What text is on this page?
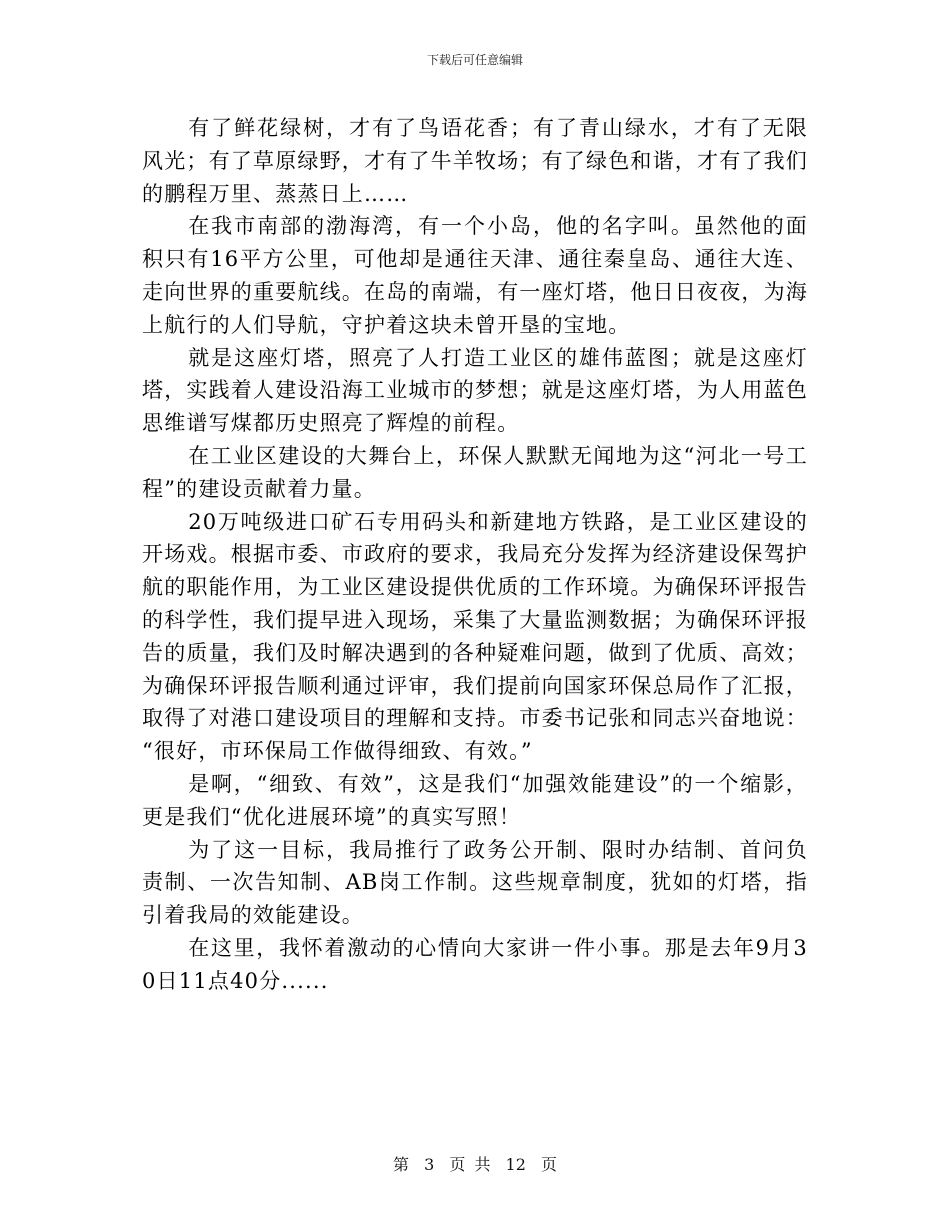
下载后可任意编辑

有了鲜花绿树，才有了鸟语花香；有了青山绿水，才有了无限风光；有了草原绿野，才有了牛羊牧场；有了绿色和谐，才有了我们的鹏程万里、蒸蒸日上……

在我市南部的渤海湾，有一个小岛，他的名字叫。虽然他的面积只有16平方公里，可他却是通往天津、通往秦皇岛、通往大连、走向世界的重要航线。在岛的南端，有一座灯塔，他日日夜夜，为海上航行的人们导航，守护着这块未曾开垦的宝地。

就是这座灯塔，照亮了人打造工业区的雄伟蓝图；就是这座灯塔，实践着人建设沿海工业城市的梦想；就是这座灯塔，为人用蓝色思维谱写煤都历史照亮了辉煌的前程。

在工业区建设的大舞台上，环保人默默无闻地为这“河北一号工程”的建设贡献着力量。

20万吨级进口矿石专用码头和新建地方铁路，是工业区建设的开场戏。根据市委、市政府的要求，我局充分发挥为经济建设保驾护航的职能作用，为工业区建设提供优质的工作环境。为确保环评报告的科学性，我们提早进入现场，采集了大量监测数据；为确保环评报告的质量，我们及时解决遇到的各种疑难问题，做到了优质、高效；为确保环评报告顺利通过评审，我们提前向国家环保总局作了汇报，取得了对港口建设项目的理解和支持。市委书记张和同志兴奋地说：

“很好，市环保局工作做得细致、有效。”

是啊，“细致、有效”，这是我们“加强效能建设”的一个缩影，更是我们“优化进展环境”的真实写照！

为了这一目标，我局推行了政务公开制、限时办结制、首问负责制、一次告知制、AB岗工作制。这些规章制度，犹如的灯塔，指引着我局的效能建设。

在这里，我怀着激动的心情向大家讲一件小事。那是去年9月30日11点40分......

第 3 页 共 12 页
